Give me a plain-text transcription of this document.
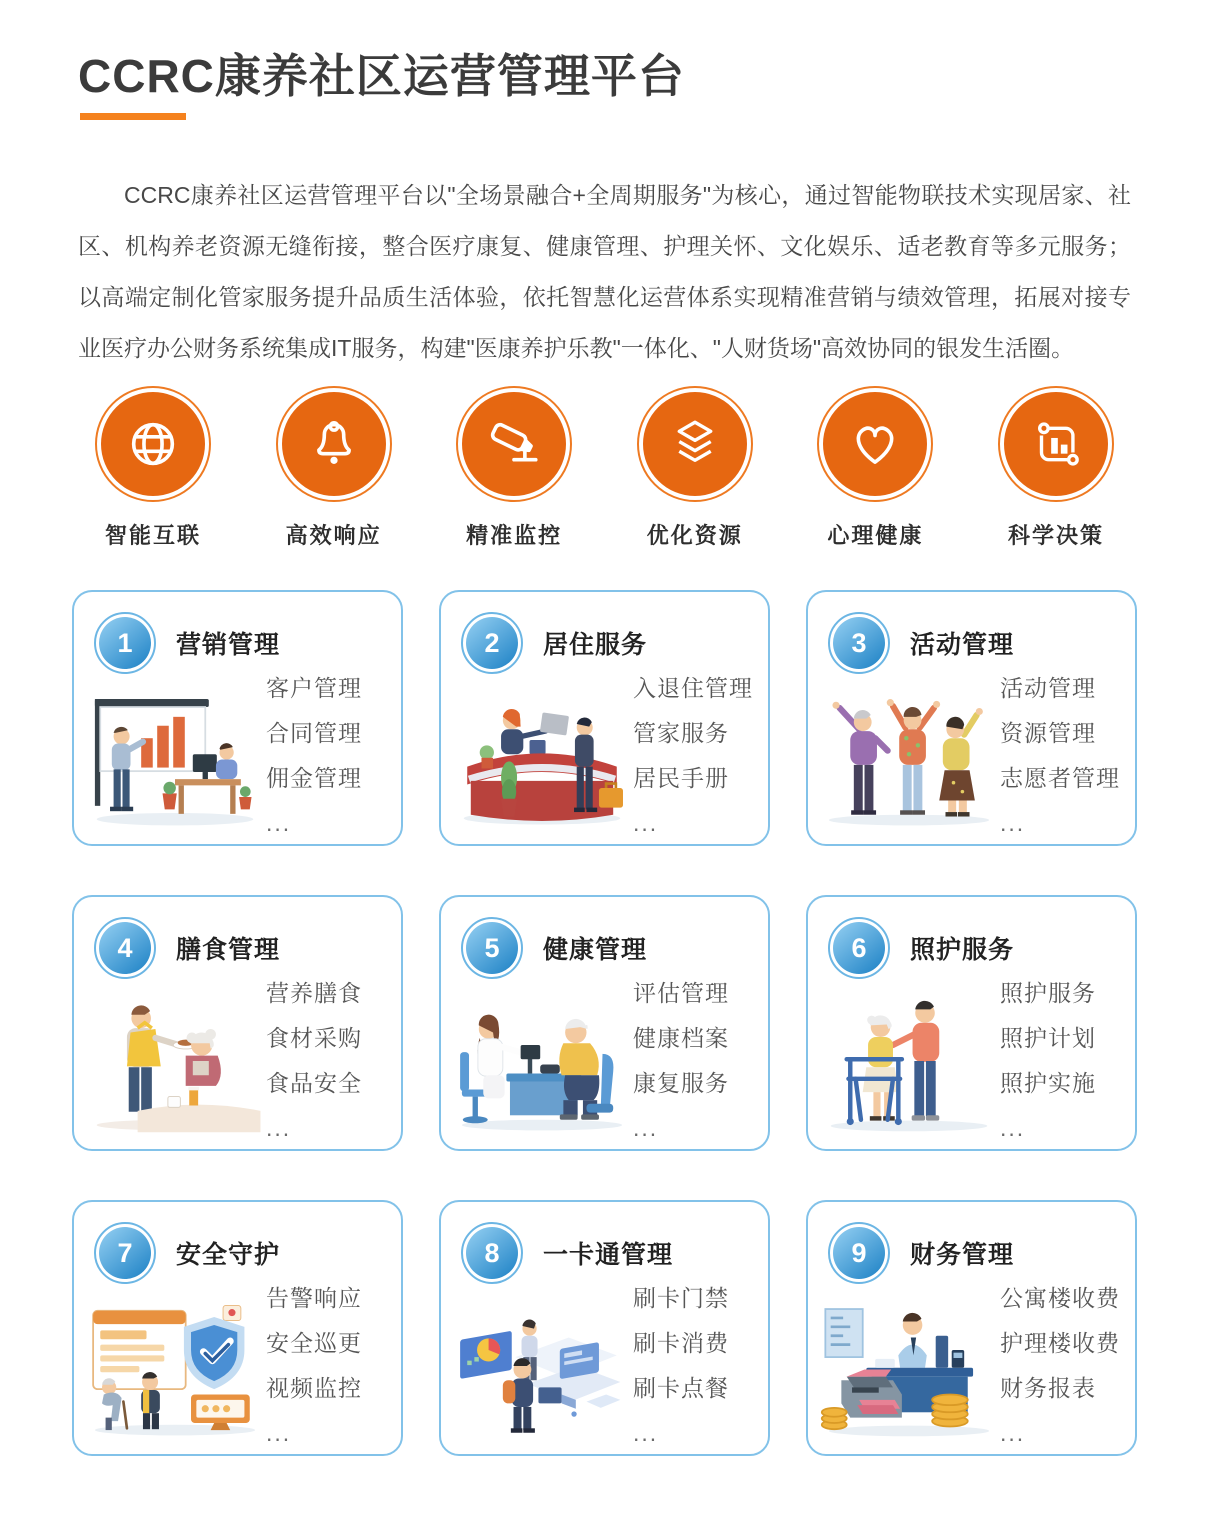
CCRC康养社区运营管理平台

CCRC康养社区运营管理平台以"全场景融合+全周期服务"为核心，通过智能物联技术实现居家、社区、机构养老资源无缝衔接，整合医疗康复、健康管理、护理关怀、文化娱乐、适老教育等多元服务；以高端定制化管家服务提升品质生活体验，依托智慧化运营体系实现精准营销与绩效管理，拓展对接专业医疗办公财务系统集成IT服务，构建"医康养护乐教"一体化、"人财货场"高效协同的银发生活圈。

智能互联	高效响应	精准监控	优化资源	心理健康	科学决策
1	营销管理
客户管理
合同管理
佣金管理
...
2	居住服务
入退住管理
管家服务
居民手册
...
3	活动管理
活动管理
资源管理
志愿者管理
...
4	膳食管理
营养膳食
食材采购
食品安全
...
5	健康管理
评估管理
健康档案
康复服务
...
6	照护服务
照护服务
照护计划
照护实施
...
7	安全守护
告警响应
安全巡更
视频监控
...
8	一卡通管理
刷卡门禁
刷卡消费
刷卡点餐
...
9	财务管理
公寓楼收费
护理楼收费
财务报表
...
